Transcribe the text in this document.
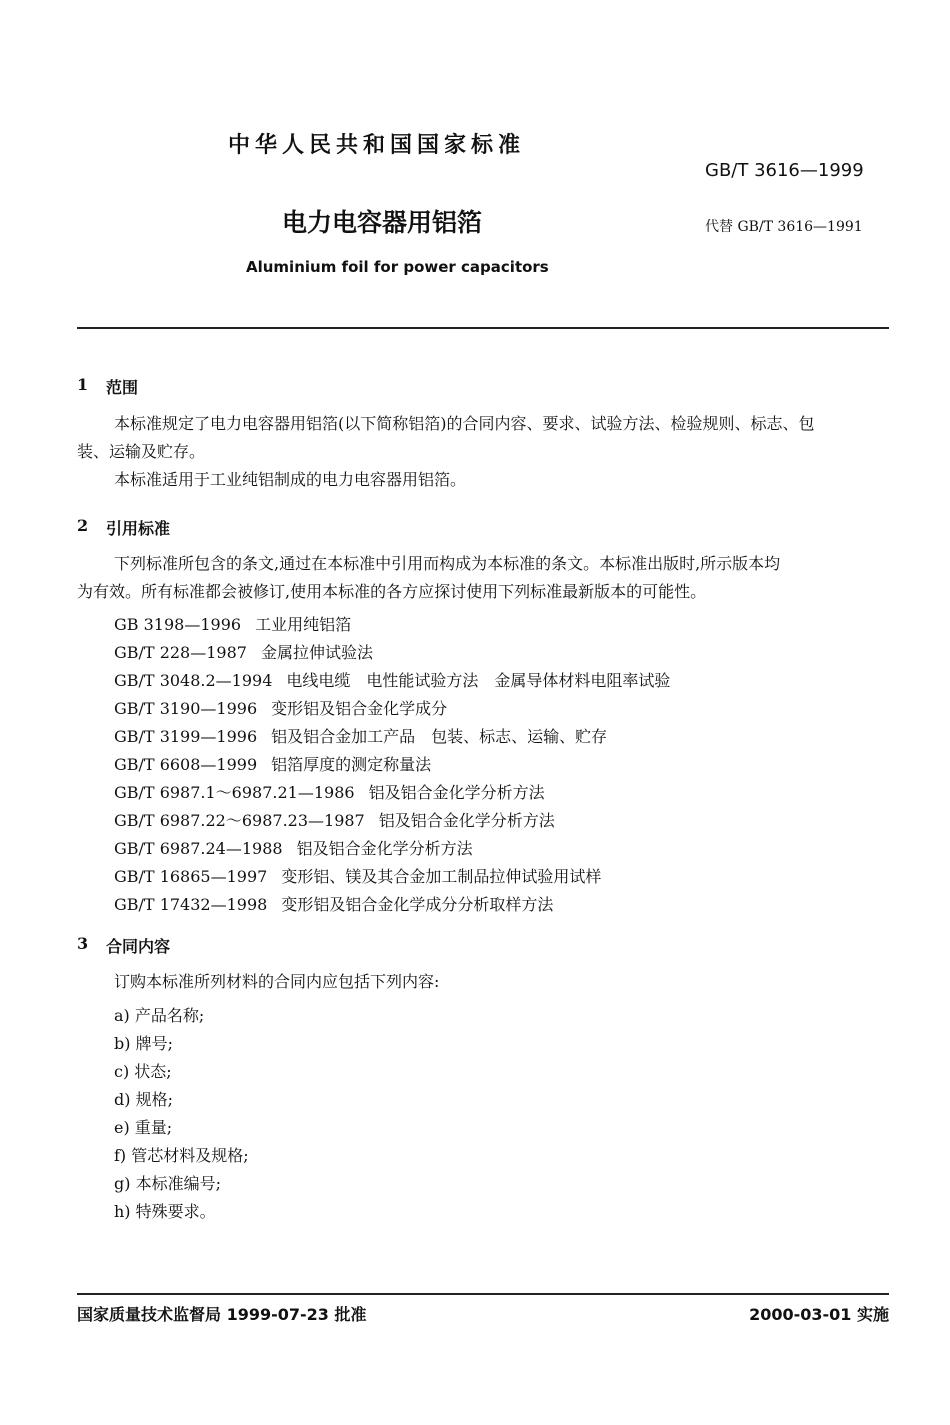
中华人民共和国国家标准
GB/T 3616—1999
电力电容器用铝箔	代替 GB/T 3616—1991
Aluminium foil for power capacitors
1 范围
本标准规定了电力电容器用铝箔(以下简称铝箔)的合同内容、要求、试验方法、检验规则、标志、包
装、运输及贮存。
本标准适用于工业纯铝制成的电力电容器用铝箔。
2 引用标准
下列标准所包含的条文,通过在本标准中引用而构成为本标准的条文。本标准出版时,所示版本均
为有效。所有标准都会被修订,使用本标准的各方应探讨使用下列标准最新版本的可能性。
GB 3198—1996 工业用纯铝箔
GB/T 228—1987 金属拉伸试验法
GB/T 3048.2—1994 电线电缆　电性能试验方法　金属导体材料电阻率试验
GB/T 3190—1996 变形铝及铝合金化学成分
GB/T 3199—1996 铝及铝合金加工产品　包装、标志、运输、贮存
GB/T 6608—1999 铝箔厚度的测定称量法
GB/T 6987.1～6987.21—1986 铝及铝合金化学分析方法
GB/T 6987.22～6987.23—1987 铝及铝合金化学分析方法
GB/T 6987.24—1988 铝及铝合金化学分析方法
GB/T 16865—1997 变形铝、镁及其合金加工制品拉伸试验用试样
GB/T 17432—1998 变形铝及铝合金化学成分分析取样方法
3 合同内容
订购本标准所列材料的合同内应包括下列内容:
a) 产品名称;
b) 牌号;
c) 状态;
d) 规格;
e) 重量;
f) 管芯材料及规格;
g) 本标准编号;
h) 特殊要求。
国家质量技术监督局 1999-07-23 批准	2000-03-01 实施
